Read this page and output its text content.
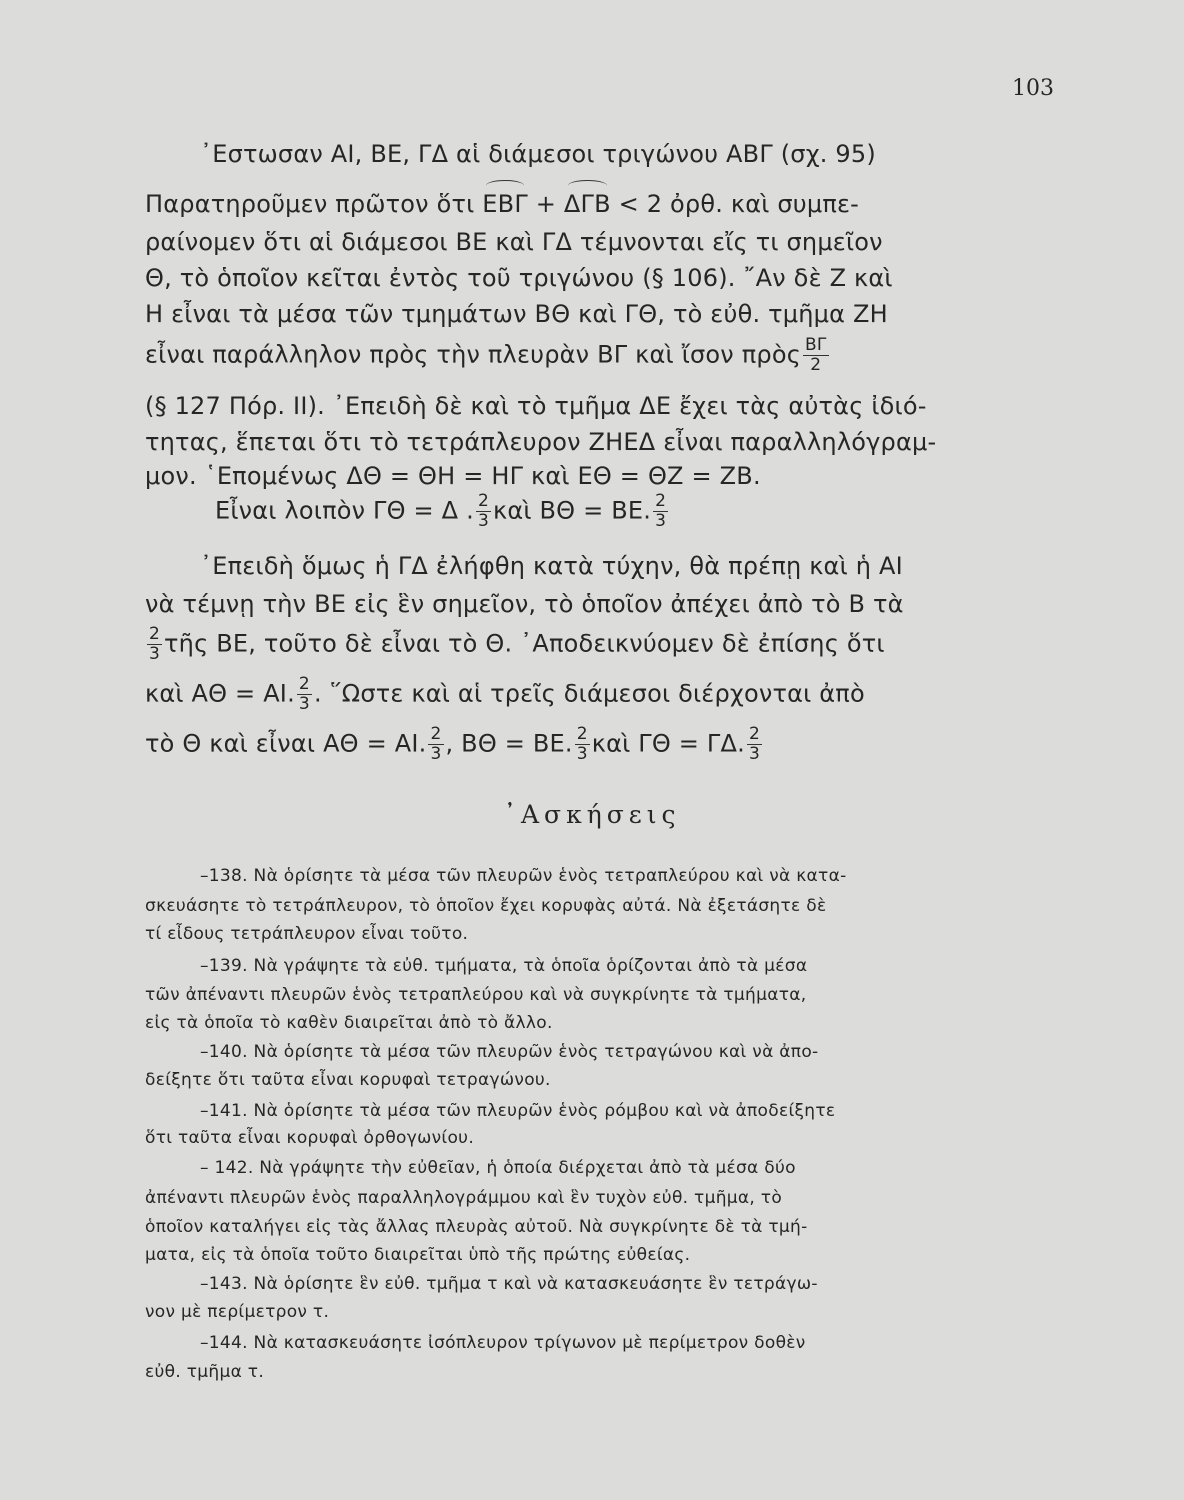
103
᾿Εστωσαν ΑΙ, ΒΕ, ΓΔ αἱ διάμεσοι τριγώνου ΑΒΓ (σχ. 95)
Παρατηροῦμεν πρῶτον ὅτι ΕΒΓ + ΔΓΒ < 2 ὀρθ. καὶ συμπε-
ραίνομεν ὅτι αἱ διάμεσοι ΒΕ καὶ ΓΔ τέμνονται εἴς τι σημεῖον
Θ, τὸ ὁποῖον κεῖται ἐντὸς τοῦ τριγώνου (§ 106). ῎Αν δὲ Ζ καὶ
Η εἶναι τὰ μέσα τῶν τμημάτων ΒΘ καὶ ΓΘ, τὸ εὐθ. τμῆμα ΖΗ
εἶναι παράλληλον πρὸς τὴν πλευρὰν ΒΓ καὶ ἴσον πρὸς $\frac{B\Gamma}{2}$
(§ 127 Πόρ. ΙΙ). ᾿Επειδὴ δὲ καὶ τὸ τμῆμα ΔΕ ἔχει τὰς αὐτὰς ἰδιό-
τητας, ἕπεται ὅτι τὸ τετράπλευρον ΖΗΕΔ εἶναι παραλληλόγραμ-
μον. ῾Επομένως ΔΘ = ΘΗ = ΗΓ καὶ ΕΘ = ΘΖ = ΖΒ.
Εἶναι λοιπὸν ΓΘ = Δ . $\frac{2}{3}$ καὶ ΒΘ = ΒΕ. $\frac{2}{3}$
᾿Επειδὴ ὅμως ἡ ΓΔ ἐλήφθη κατὰ τύχην, θὰ πρέπῃ καὶ ἡ ΑΙ
νὰ τέμνῃ τὴν ΒΕ εἰς ἓν σημεῖον, τὸ ὁποῖον ἀπέχει ἀπὸ τὸ Β τὰ
$\frac{2}{3}$ τῆς ΒΕ, τοῦτο δὲ εἶναι τὸ Θ. ᾿Αποδεικνύομεν δὲ ἐπίσης ὅτι
καὶ ΑΘ = ΑΙ. $\frac{2}{3}$ . ῞Ωστε καὶ αἱ τρεῖς διάμεσοι διέρχονται ἀπὸ
τὸ Θ καὶ εἶναι ΑΘ = ΑΙ. $\frac{2}{3}$ , ΒΘ = ΒΕ. $\frac{2}{3}$ καὶ ΓΘ = ΓΔ. $\frac{2}{3}$
᾿Ασκήσεις
–138. Νὰ ὁρίσητε τὰ μέσα τῶν πλευρῶν ἑνὸς τετραπλεύρου καὶ νὰ κατα-
σκευάσητε τὸ τετράπλευρον, τὸ ὁποῖον ἔχει κορυφὰς αὐτά. Νὰ ἐξετάσητε δὲ
τί εἶδους τετράπλευρον εἶναι τοῦτο.
–139. Νὰ γράψητε τὰ εὐθ. τμήματα, τὰ ὁποῖα ὁρίζονται ἀπὸ τὰ μέσα
τῶν ἀπέναντι πλευρῶν ἑνὸς τετραπλεύρου καὶ νὰ συγκρίνητε τὰ τμήματα,
εἰς τὰ ὁποῖα τὸ καθὲν διαιρεῖται ἀπὸ τὸ ἄλλο.
–140. Νὰ ὁρίσητε τὰ μέσα τῶν πλευρῶν ἑνὸς τετραγώνου καὶ νὰ ἀπο-
δείξητε ὅτι ταῦτα εἶναι κορυφαὶ τετραγώνου.
–141. Νὰ ὁρίσητε τὰ μέσα τῶν πλευρῶν ἑνὸς ρόμβου καὶ νὰ ἀποδείξητε
ὅτι ταῦτα εἶναι κορυφαὶ ὀρθογωνίου.
– 142. Νὰ γράψητε τὴν εὐθεῖαν, ἡ ὁποία διέρχεται ἀπὸ τὰ μέσα δύο
ἀπέναντι πλευρῶν ἑνὸς παραλληλογράμμου καὶ ἓν τυχὸν εὐθ. τμῆμα, τὸ
ὁποῖον καταλήγει εἰς τὰς ἄλλας πλευρὰς αὐτοῦ. Νὰ συγκρίνητε δὲ τὰ τμή-
ματα, εἰς τὰ ὁποῖα τοῦτο διαιρεῖται ὑπὸ τῆς πρώτης εὐθείας.
–143. Νὰ ὁρίσητε ἓν εὐθ. τμῆμα τ καὶ νὰ κατασκευάσητε ἓν τετράγω-
νον μὲ περίμετρον τ.
–144. Νὰ κατασκευάσητε ἰσόπλευρον τρίγωνον μὲ περίμετρον δοθὲν
εὐθ. τμῆμα τ.
